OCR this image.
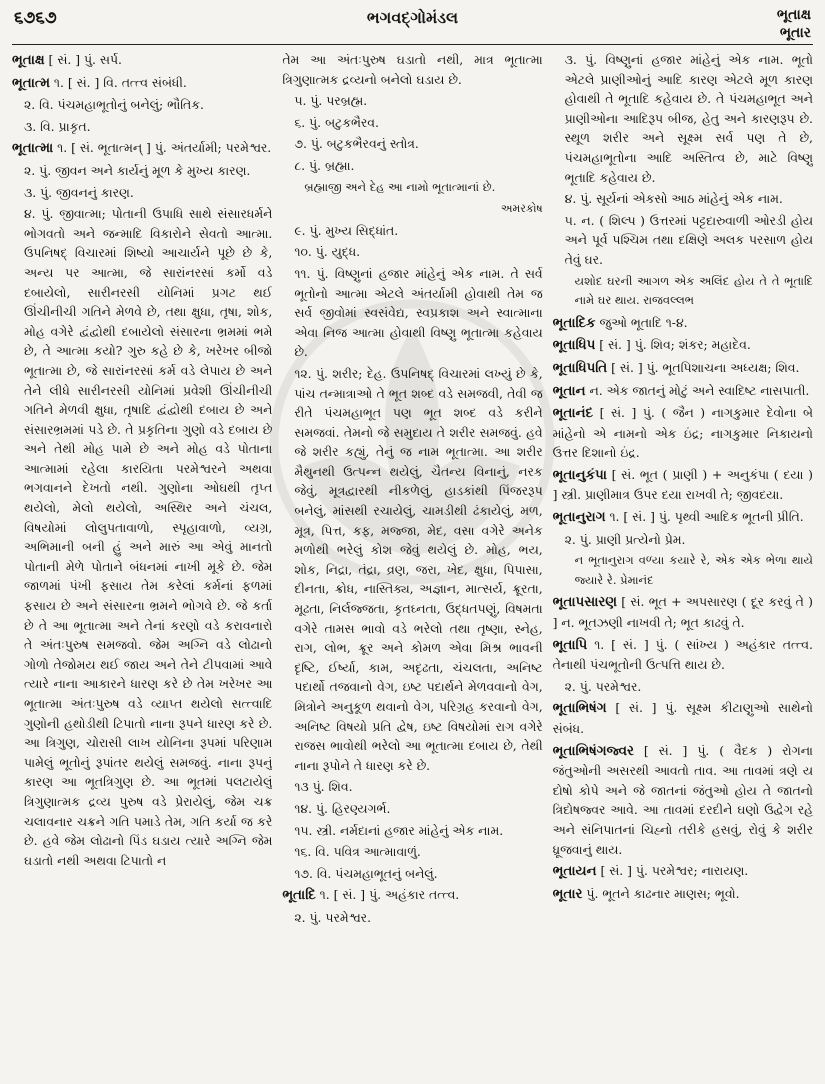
૬૭૬૭	ભગવદ્ગોમંડલ	ભૂતાક્ષ
ભૂતાર

ભૂતાક્ષ [ સં. ] પું. સર્પ.

ભૂતાત્મ ૧. [ સં. ] વિ. તત્ત્વ સંબંધી.

૨. વિ. પંચમહાભૂતોનું બનેલું; ભૌતિક.

૩. વિ. પ્રાકૃત.

ભૂતાત્મા ૧. [ સં. ભૂતાત્મન્ ] પું. અંતર્યામી; પરમેશ્વર.

૨. પું. જીવન અને કાર્યનું મૂળ કે મુખ્ય કારણ.

૩. પું. જીવનનું કારણ.

૪. પું. જીવાત્મા; પોતાની ઉપાધિ સાથે સંસારધર્મને ભોગવતો અને જન્માદિ વિકારોને સેવતો આત્મા. ઉપનિષદ્ વિચારમાં શિષ્યો આચાર્યને પૂછે છે કે, અન્ય પર આત્મા, જે સારાંનરસાં કર્મો વડે દબાયેલો, સારીનરસી યોનિમાં પ્રગટ થઈ ઊંચીનીચી ગતિને મેળવે છે, તથા ક્ષુધા, તૃષા, શોક, મોહ વગેરે દ્વંદ્વોથી દબાયેલો સંસારના ભ્રમમાં ભમે છે, તે આત્મા કયો? ગુરુ કહે છે કે, ખરેખર બીજો ભૂતાત્મા છે, જે સારાંનરસાં કર્મ વડે લેપાય છે અને તેને લીધે સારીનરસી યોનિમાં પ્રવેશી ઊંચીનીચી ગતિને મેળવી ક્ષુધા, તૃષાદિ દ્વંદ્વોથી દબાય છે અને સંસારભ્રમમાં પડે છે. તે પ્રકૃતિના ગુણો વડે દબાય છે અને તેથી મોહ પામે છે અને મોહ વડે પોતાના આત્મામાં રહેલા કારયિતા પરમેશ્વરને અથવા ભગવાનને દેખતો નથી. ગુણોના ઓઘથી તૃપ્ત થયેલો, મેલો થયેલો, અસ્થિર અને ચંચલ, વિષયોમાં લોલુપતાવાળો, સ્પૃહાવાળો, વ્યગ્ર, અભિમાની બની હું અને મારું આ એવું માનતો પોતાની મેળે પોતાને બંધનમાં નાખી મૂકે છે. જેમ જાળમાં પંખી ફસાય તેમ કરેલાં કર્મનાં ફળમાં ફસાય છે અને સંસારના ભ્રમને ભોગવે છે. જે કર્તા છે તે આ ભૂતાત્મા અને તેનાં કરણો વડે કરાવનારો તે અંતઃપુરુષ સમજવો. જેમ અગ્નિ વડે લોઢાનો ગોળો તેજોમય થઈ જાય અને તેને ટીપવામાં આવે ત્યારે નાના આકારને ધારણ કરે છે તેમ ખરેખર આ ભૂતાત્મા અંતઃપુરુષ વડે વ્યાપ્ત થયેલો સત્ત્વાદિ ગુણોની હથોડીથી ટિપાતો નાના રૂપને ધારણ કરે છે. આ ત્રિગુણ, ચોરાસી લાખ યોનિના રૂપમાં પરિણામ પામેલું ભૂતોનું રૂપાંતર થયેલું સમજવું. નાના રૂપનું કારણ આ ભૂતત્રિગુણ છે. આ ભૂતમાં પલટાયેલું ત્રિગુણાત્મક દ્રવ્ય પુરુષ વડે પ્રેરાયેલું, જેમ ચક્ર ચલાવનાર ચક્રને ગતિ પમાડે તેમ, ગતિ કર્યા જ કરે છે. હવે જેમ લોઢાનો પિંડ ઘડાય ત્યારે અગ્નિ જેમ ઘડાતો નથી અથવા ટિપાતો ન

તેમ આ અંતઃપુરુષ ઘડાતો નથી, માત્ર ભૂતાત્મા ત્રિગુણાત્મક દ્રવ્યનો બનેલો ઘડાય છે.

૫. પું. પરબ્રહ્મ.

૬. પું. બટુકભૈરવ.

૭. પું. બટુકભૈરવનું સ્તોત્ર.

૮. પું. બ્રહ્મા.

બ્રહ્માજી અને દેહ આ નામો ભૂતાત્માનાં છે.

અમરકોષ

૯. પું. મુખ્ય સિદ્ધાંત.

૧૦. પું. યુદ્ધ.

૧૧. પું. વિષ્ણુનાં હજાર માંહેનું એક નામ. તે સર્વ ભૂતોનો આત્મા એટલે અંતર્યામી હોવાથી તેમ જ સર્વ જીવોમાં સ્વસંવેદ્ય, સ્વપ્રકાશ અને સ્વાત્માના એવા નિજ આત્મા હોવાથી વિષ્ણુ ભૂતાત્મા કહેવાય છે.

૧૨. પું. શરીર; દેહ. ઉપનિષદ્ વિચારમાં લખ્યું છે કે, પાંચ તન્માત્રાઓ તે ભૂત શબ્દ વડે સમજવી, તેવી જ રીતે પંચમહાભૂત પણ ભૂત શબ્દ વડે કરીને સમજવાં. તેમનો જે સમુદાય તે શરીર સમજવું. હવે જે શરીર કહ્યું, તેનું જ નામ ભૂતાત્મા. આ શરીર મૈથુનથી ઉત્પન્ન થયેલું, ચૈતન્ય વિનાનું, નરક જેવું, મૂત્રદ્વારથી નીકળેલું, હાડકાંથી પિંજરરૂપ બનેલું, માંસથી રચાયેલું, ચામડીથી ઢંકાયેલું, મળ, મૂત્ર, પિત્ત, કફ, મજ્જા, મેદ, વસા વગેરે અનેક મળોથી ભરેલું કોશ જેવું થયેલું છે. મોહ, ભય, શોક, નિદ્રા, તંદ્રા, વ્રણ, જરા, ખેદ, ક્ષુધા, પિપાસા, દીનતા, ક્રોધ, નાસ્તિક્ય, અજ્ઞાન, માત્સર્ય, ક્રૂરતા, મૂઢતા, નિર્લજ્જતા, કૃતઘ્નતા, ઉદ્ધતપણું, વિષમતા વગેરે તામસ ભાવો વડે ભરેલો તથા તૃષ્ણા, સ્નેહ, રાગ, લોભ, ક્રૂર અને કોમળ એવા મિશ્ર ભાવની દૃષ્ટિ, ઈર્ષ્યા, કામ, અદૃઢતા, ચંચલતા, અનિષ્ટ પદાર્થો તજવાનો વેગ, ઇષ્ટ પદાર્થને મેળવવાનો વેગ, મિત્રોને અનુકૂળ થવાનો વેગ, પરિગ્રહ કરવાનો વેગ, અનિષ્ટ વિષયો પ્રતિ દ્વેષ, ઇષ્ટ વિષયોમાં રાગ વગેરે રાજસ ભાવોથી ભરેલો આ ભૂતાત્મા દબાય છે, તેથી નાના રૂપોને તે ધારણ કરે છે.

૧૩ પું. શિવ.

૧૪. પું. હિરણ્યગર્ભ.

૧૫. સ્ત્રી. નર્મદાનાં હજાર માંહેનું એક નામ.

૧૬. વિ. પવિત્ર આત્માવાળું.

૧૭. વિ. પંચમહાભૂતનું બનેલું.

ભૂતાદિ ૧. [ સં. ] પું. અહંકાર તત્ત્વ.

૨. પું. પરમેશ્વર.

૩. પું. વિષ્ણુનાં હજાર માંહેનું એક નામ. ભૂતો એટલે પ્રાણીઓનું આદિ કારણ એટલે મૂળ કારણ હોવાથી તે ભૂતાદિ કહેવાય છે. તે પંચમહાભૂત અને પ્રાણીઓના આદિરૂપ બીજ, હેતુ અને કારણરૂપ છે. સ્થૂળ શરીર અને સૂક્ષ્મ સર્વ પણ તે છે, પંચમહાભૂતોના આદિ અસ્તિત્વ છે, માટે વિષ્ણુ ભૂતાદિ કહેવાય છે.

૪. પું. સૂર્યનાં એકસો આઠ માંહેનું એક નામ.

૫. ન. ( શિલ્પ ) ઉત્તરમાં પટ્ટદારુવાળી ઓરડી હોય અને પૂર્વ પશ્ચિમ તથા દક્ષિણે અલક પરસાળ હોય તેવું ઘર.

યશોદ ઘરની આગળ એક અલિંદ હોય તે તે ભૂતાદિ નામે ઘર થાય. રાજવલ્લભ

ભૂતાદિક જુઓ ભૂતાદિ ૧-૪.

ભૂતાધિપ [ સં. ] પું. શિવ; શંકર; મહાદેવ.

ભૂતાધિપતિ [ સં. ] પું. ભૂતપિશાચના અધ્યક્ષ; શિવ.

ભૂતાન ન. એક જાતનું મોટું અને સ્વાદિષ્ટ નાસપાતી.

ભૂતાનંદ [ સં. ] પું. ( જૈન ) નાગકુમાર દેવોના બે માંહેનો એ નામનો એક ઇંદ્ર; નાગકુમાર નિકાયનો ઉત્તર દિશાનો ઇંદ્ર.

ભૂતાનુકંપા [ સં. ભૂત ( પ્રાણી ) + અનુકંપા ( દયા ) ] સ્ત્રી. પ્રાણીમાત્ર ઉપર દયા રાખવી તે; જીવદયા.

ભૂતાનુરાગ ૧. [ સં. ] પું. પૃથ્વી આદિક ભૂતની પ્રીતિ.

૨. પું. પ્રાણી પ્રત્યેનો પ્રેમ.

ન ભૂતાનુરાગ વળ્યા કયારે રે, એક એક ભેળા થાયે જ્યારે રે. પ્રેમાનંદ

ભૂતાપસારણ [ સં. ભૂત + અપસારણ ( દૂર કરવું તે ) ] ન. ભૂતઝણી નાખવી તે; ભૂત કાઢવું તે.

ભૂતાપિ ૧. [ સં. ] પું. ( સાંખ્ય ) અહંકાર તત્ત્વ. તેનાથી પંચભૂતોની ઉત્પત્તિ થાય છે.

૨. પું. પરમેશ્વર.

ભૂતાભિષંગ [ સં. ] પું. સૂક્ષ્મ કીટાણુઓ સાથેનો સંબંધ.

ભૂતાભિષંગજ્વર [ સં. ] પું. ( વૈદક ) રોગના જંતુઓની અસરથી આવતો તાવ. આ તાવમાં ત્રણે ય દોષો કોપે અને જે જાતનાં જંતુઓ હોય તે જાતનો ત્રિદોષજ્વર આવે. આ તાવમાં દરદીને ઘણો ઉદ્વેગ રહે અને સંનિપાતનાં ચિહ્નો તરીકે હસવું, રોવું કે શરીર ધ્રૂજવાનું થાય.

ભૂતાયન [ સં. ] પું. પરમેશ્વર; નારાયણ.

ભૂતાર પું. ભૂતને કાઢનાર માણસ; ભૂવો.
